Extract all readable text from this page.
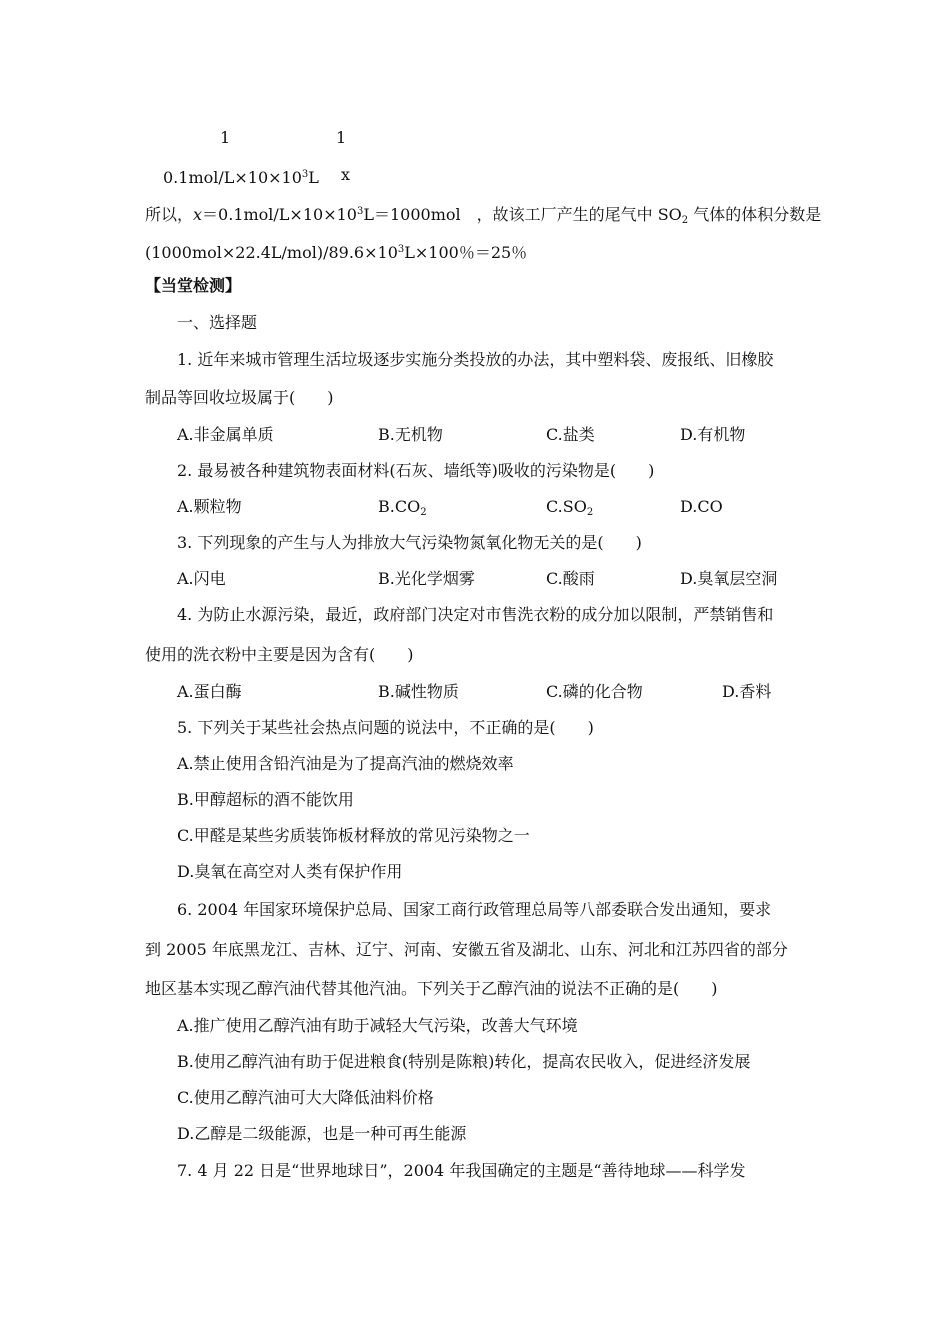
1	1
$0.1mol/L\times 10\times 10^3L$ x
所以，$x=0.1mol/L\times 10\times 10^3L=1000mol$　，故该工厂产生的尾气中 $SO_2$ 气体的体积分数是
$(1000mol\times 22.4L/mol)/89.6\times 10^3L\times 100$％＝25％
【当堂检测】
一、选择题
1. 近年来城市管理生活垃圾逐步实施分类投放的办法，其中塑料袋、废报纸、旧橡胶
制品等回收垃圾属于(　　)
A.非金属单质	B.无机物	C.盐类	D.有机物
2. 最易被各种建筑物表面材料(石灰、墙纸等)吸收的污染物是(　　)
A.颗粒物	$B.CO_2$	$C.SO_2$	D.CO
3. 下列现象的产生与人为排放大气污染物氮氧化物无关的是(　　)
A.闪电	B.光化学烟雾	C.酸雨	D.臭氧层空洞
4. 为防止水源污染，最近，政府部门决定对市售洗衣粉的成分加以限制，严禁销售和
使用的洗衣粉中主要是因为含有(　　)
A.蛋白酶	B.碱性物质	C.磷的化合物	D.香料
5. 下列关于某些社会热点问题的说法中，不正确的是(　　)
A.禁止使用含铅汽油是为了提高汽油的燃烧效率
B.甲醇超标的酒不能饮用
C.甲醛是某些劣质装饰板材释放的常见污染物之一
D.臭氧在高空对人类有保护作用
6. 2004 年国家环境保护总局、国家工商行政管理总局等八部委联合发出通知，要求
到 2005 年底黑龙江、吉林、辽宁、河南、安徽五省及湖北、山东、河北和江苏四省的部分
地区基本实现乙醇汽油代替其他汽油。下列关于乙醇汽油的说法不正确的是(　　)
A.推广使用乙醇汽油有助于减轻大气污染，改善大气环境
B.使用乙醇汽油有助于促进粮食(特别是陈粮)转化，提高农民收入，促进经济发展
C.使用乙醇汽油可大大降低油料价格
D.乙醇是二级能源，也是一种可再生能源
7. 4 月 22 日是“世界地球日”，2004 年我国确定的主题是“善待地球——科学发
